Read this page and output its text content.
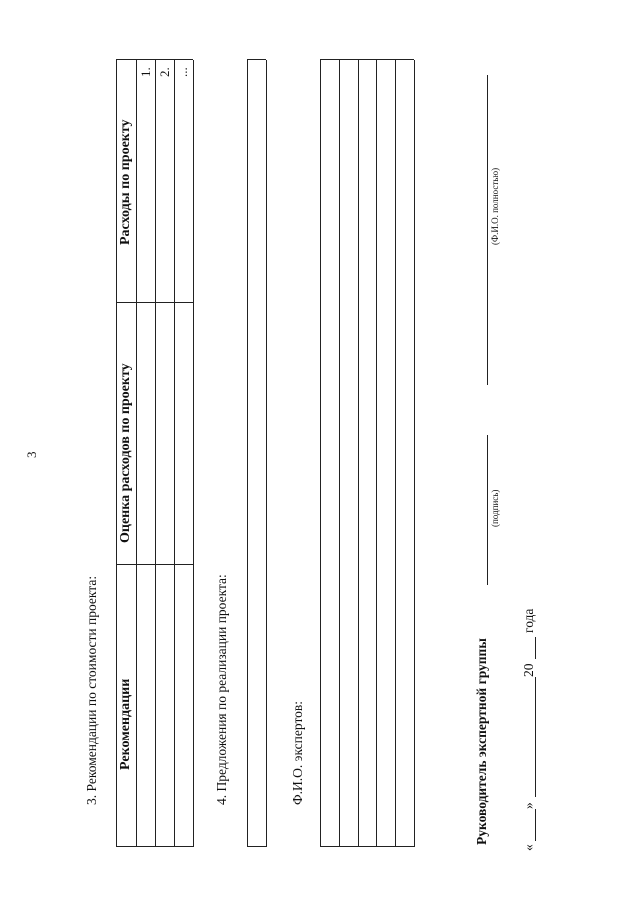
3
3. Рекомендации по стоимости проекта:
Расходы по проекту
Оценка расходов по проекту
Рекомендации
1. 2. ...
4. Предложения по реализации проекта:	Ф.И.О. экспертов:	Руководитель экспертной группы
(подпись)
(Ф.И.О. полностью)
«
»
20
года
